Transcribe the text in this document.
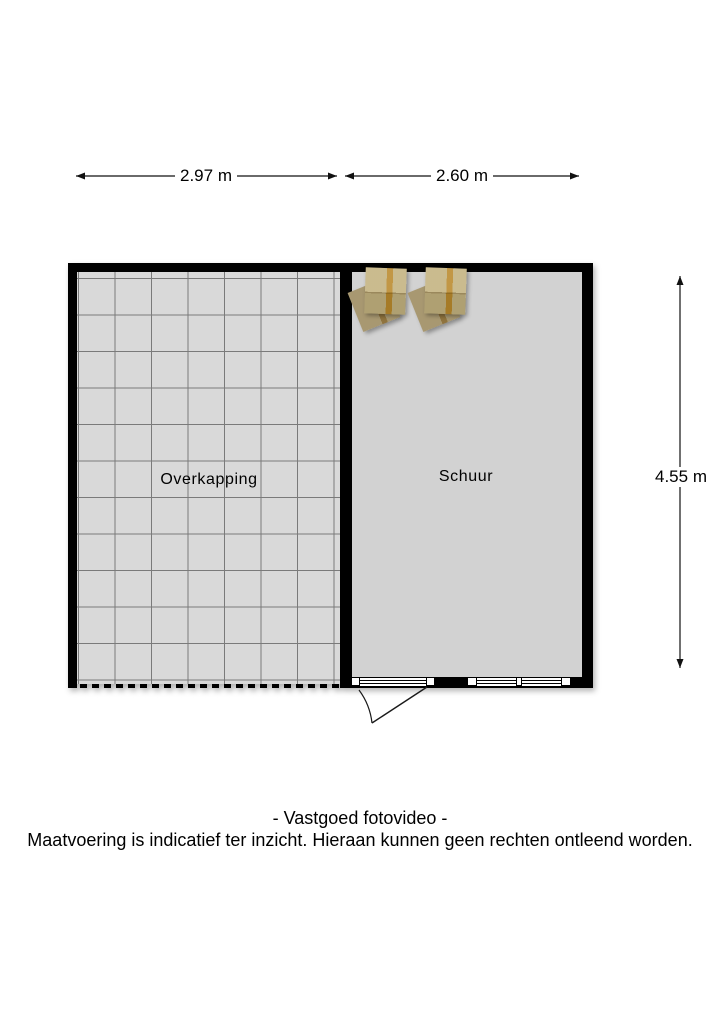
Overkapping	Schuur
2.97 m	2.60 m
4.55 m
- Vastgoed fotovideo -
Maatvoering is indicatief ter inzicht. Hieraan kunnen geen rechten ontleend worden.
